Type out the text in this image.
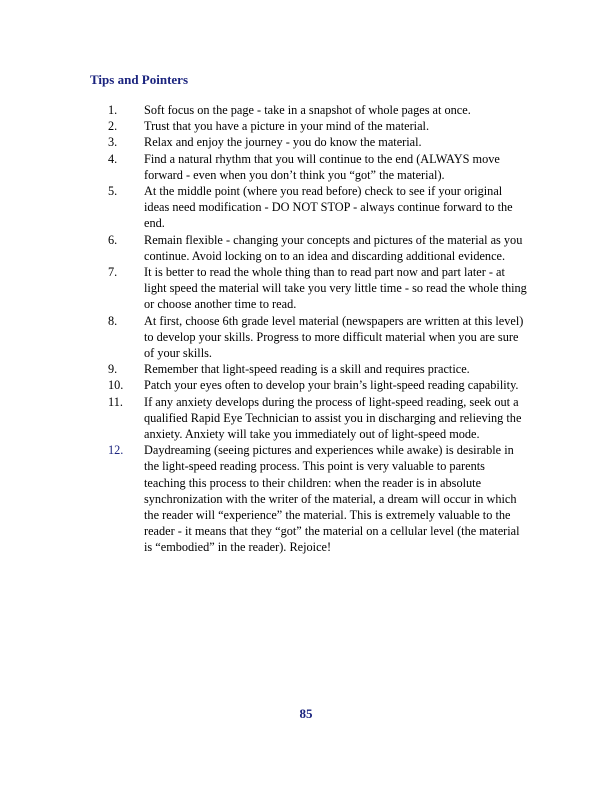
Tips and Pointers
1.	Soft focus on the page - take in a snapshot of whole pages at once.
2.	Trust that you have a picture in your mind of the material.
3.	Relax and enjoy the journey - you do know the material.
4.	Find a natural rhythm that you will continue to the end (ALWAYS move forward - even when you don’t think you “got” the material).
5.	At the middle point (where you read before) check to see if your original ideas need modification - DO NOT STOP - always continue forward to the end.
6.	Remain flexible - changing your concepts and pictures of the material as you continue. Avoid locking on to an idea and discarding additional evidence.
7.	It is better to read the whole thing than to read part now and part later - at light speed the material will take you very little time - so read the whole thing or choose another time to read.
8.	At first, choose 6th grade level material (newspapers are written at this level) to develop your skills. Progress to more difficult material when you are sure of your skills.
9.	Remember that light-speed reading is a skill and requires practice.
10.	Patch your eyes often to develop your brain’s light-speed reading capability.
11.	If any anxiety develops during the process of light-speed reading, seek out a qualified Rapid Eye Technician to assist you in discharging and relieving the anxiety. Anxiety will take you immediately out of light-speed mode.
12.	Daydreaming (seeing pictures and experiences while awake) is desirable in the light-speed reading process. This point is very valuable to parents teaching this process to their children: when the reader is in absolute synchronization with the writer of the material, a dream will occur in which the reader will “experience” the material. This is extremely valuable to the reader - it means that they “got” the material on a cellular level (the material is “embodied” in the reader). Rejoice!
85
